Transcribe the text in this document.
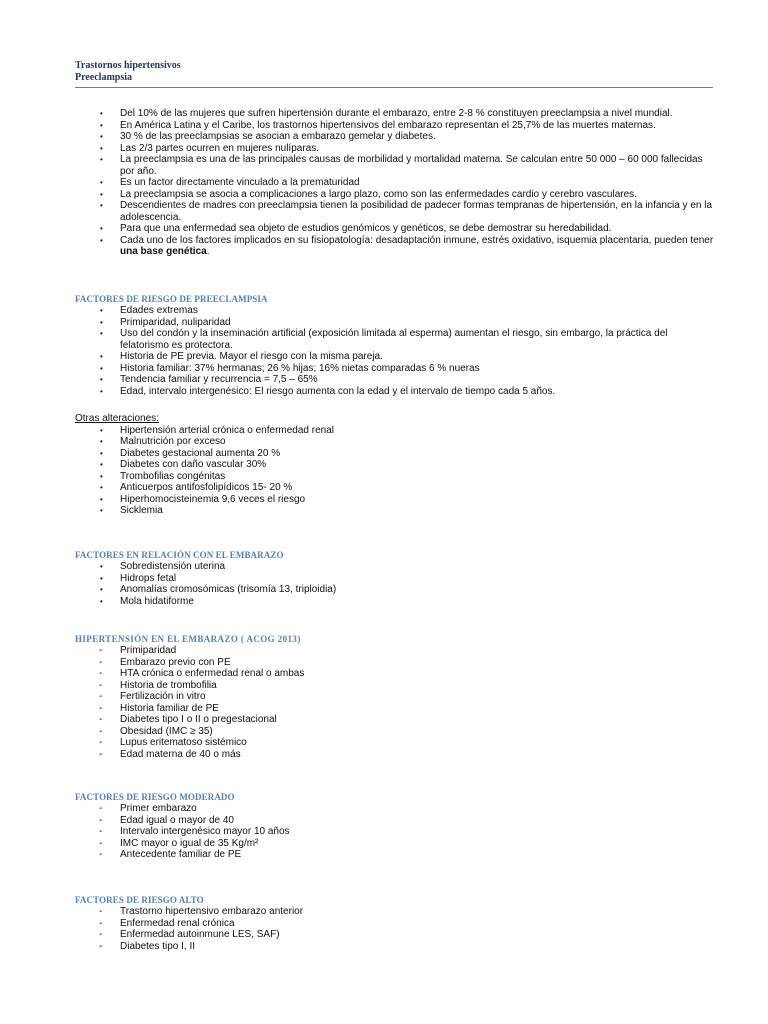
Trastornos hipertensivos
Preeclampsia
• Del 10% de las mujeres que sufren hipertensión durante el embarazo, entre 2-8 % constituyen preeclampsia a nivel mundial.
• En América Latina y el Caribe, los trastornos hipertensivos del embarazo representan el 25,7% de las muertes maternas.
• 30 % de las preeclampsias se asocian a embarazo gemelar y diabetes.
• Las 2/3 partes ocurren en mujeres nulíparas.
• La preeclampsia es una de las principales causas de morbilidad y mortalidad materna. Se calculan entre 50 000 – 60 000 fallecidas por año.
• Es un factor directamente vinculado a la prematuridad
• La preeclampsia se asocia a complicaciones a largo plazo, como son las enfermedades cardio y cerebro vasculares.
• Descendientes de madres con preeclampsia tienen la posibilidad de padecer formas tempranas de hipertensión, en la infancia y en la adolescencia.
• Para que una enfermedad sea objeto de estudios genómicos y genéticos, se debe demostrar su heredabilidad.
• Cada uno de los factores implicados en su fisiopatología: desadaptación inmune, estrés oxidativo, isquemia placentaria, pueden tener una base genética.
FACTORES DE RIESGO DE PREECLAMPSIA
• Edades extremas
• Primiparidad, nuliparidad
• Uso del condón y la inseminación artificial (exposición limitada al esperma) aumentan el riesgo, sin embargo, la práctica del felatorismo es protectora.
• Historia de PE previa. Mayor el riesgo con la misma pareja.
• Historia familiar: 37% hermanas; 26 % hijas; 16% nietas comparadas 6 % nueras
• Tendencia familiar y recurrencia = 7,5 – 65%
• Edad, intervalo intergenésico: El riesgo aumenta con la edad y el intervalo de tiempo cada 5 años.
Otras alteraciones:
• Hipertensión arterial crónica o enfermedad renal
• Malnutrición por exceso
• Diabetes gestacional aumenta 20 %
• Diabetes con daño vascular 30%
• Trombofilias congénitas
• Anticuerpos antifosfolipídicos 15- 20 %
• Hiperhomocisteinemia 9,6 veces el riesgo
• Sicklemia
FACTORES EN RELACIÓN CON EL EMBARAZO
• Sobredistensión uterina
• Hidrops fetal
• Anomalías cromosómicas (trisomía 13, triploidia)
• Mola hidatiforme
HIPERTENSIÓN EN EL EMBARAZO ( ACOG 2013)
- Primiparidad
- Embarazo previo con PE
- HTA crónica o enfermedad renal o ambas
- Historia de trombofilia
- Fertilización in vitro
- Historia familiar de PE
- Diabetes tipo I o II o pregestacional
- Obesidad (IMC ≥ 35)
- Lupus eritematoso sistémico
- Edad materna de 40 o más
FACTORES DE RIESGO MODERADO
- Primer embarazo
- Edad igual o mayor de 40
- Intervalo intergenésico mayor 10 años
- IMC mayor o igual de 35 Kg/m²
- Antecedente familiar de PE
FACTORES DE RIESGO ALTO
- Trastorno hipertensivo embarazo anterior
- Enfermedad renal crónica
- Enfermedad autoinmune LES, SAF)
- Diabetes tipo I, II
